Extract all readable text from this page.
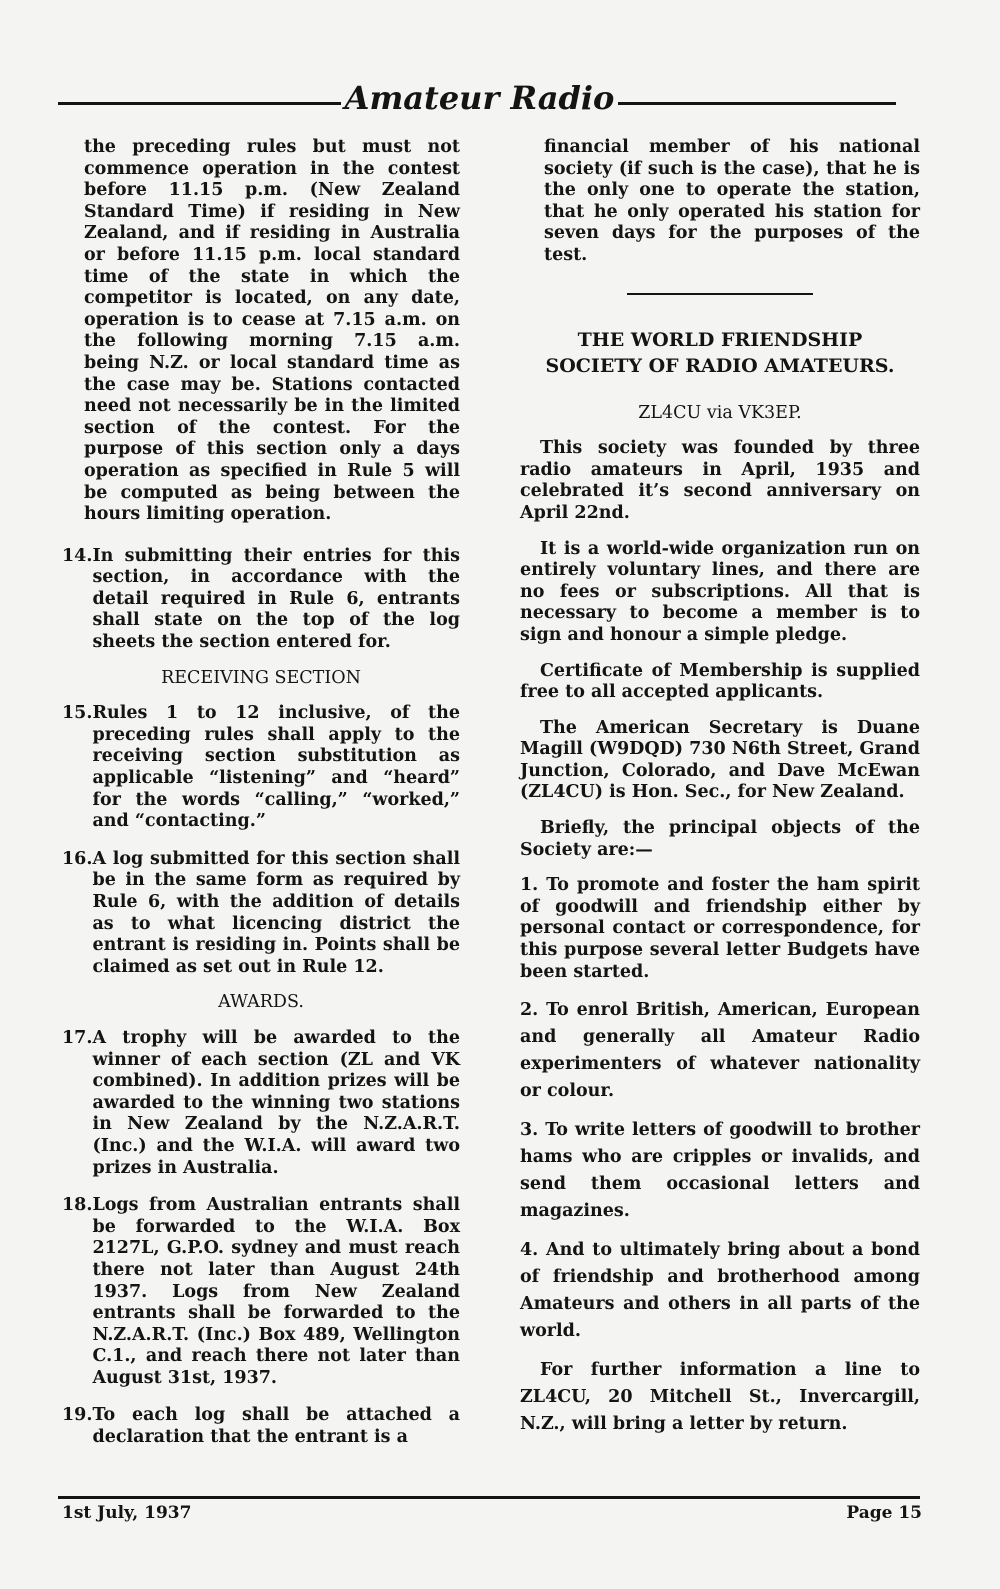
Amateur Radio

the preceding rules but must not commence operation in the contest before 11.15 p.m. (New Zealand Standard Time) if residing in New Zealand, and if residing in Australia or before 11.15 p.m. local standard time of the state in which the competitor is located, on any date, operation is to cease at 7.15 a.m. on the following morning 7.15 a.m. being N.Z. or local standard time as the case may be. Stations contacted need not necessarily be in the limited section of the contest. For the purpose of this section only a days operation as specified in Rule 5 will be computed as being between the hours limiting operation.

14. In submitting their entries for this section, in accordance with the detail required in Rule 6, entrants shall state on the top of the log sheets the section entered for.

RECEIVING SECTION

15. Rules 1 to 12 inclusive, of the preceding rules shall apply to the receiving section substitution as applicable “listening” and “heard” for the words “calling,” “worked,” and “contacting.”
16. A log submitted for this section shall be in the same form as required by Rule 6, with the addition of details as to what licencing district the entrant is residing in. Points shall be claimed as set out in Rule 12.

AWARDS.

17. A trophy will be awarded to the winner of each section (ZL and VK combined). In addition prizes will be awarded to the winning two stations in New Zealand by the N.Z.A.R.T. (Inc.) and the W.I.A. will award two prizes in Australia.
18. Logs from Australian entrants shall be forwarded to the W.I.A. Box 2127L, G.P.O. sydney and must reach there not later than August 24th 1937. Logs from New Zealand entrants shall be forwarded to the N.Z.A.R.T. (Inc.) Box 489, Wellington C.1., and reach there not later than August 31st, 1937.
19. To each log shall be attached a declaration that the entrant is a

financial member of his national society (if such is the case), that he is the only one to operate the station, that he only operated his station for seven days for the purposes of the test.

THE WORLD FRIENDSHIP

SOCIETY OF RADIO AMATEURS.

ZL4CU via VK3EP.

This society was founded by three radio amateurs in April, 1935 and celebrated it’s second anniversary on April 22nd.

It is a world-wide organization run on entirely voluntary lines, and there are no fees or subscriptions. All that is necessary to become a member is to sign and honour a simple pledge.

Certificate of Membership is supplied free to all accepted applicants.

The American Secretary is Duane Magill (W9DQD) 730 N6th Street, Grand Junction, Colorado, and Dave McEwan (ZL4CU) is Hon. Sec., for New Zealand.

Briefly, the principal objects of the Society are:—

1. To promote and foster the ham spirit of goodwill and friendship either by personal contact or correspondence, for this purpose several letter Budgets have been started.

2. To enrol British, American, European and generally all Amateur Radio experimenters of whatever nationality or colour.

3. To write letters of goodwill to brother hams who are cripples or invalids, and send them occasional letters and magazines.

4. And to ultimately bring about a bond of friendship and brotherhood among Amateurs and others in all parts of the world.

For further information a line to ZL4CU, 20 Mitchell St., Invercargill, N.Z., will bring a letter by return.

1st July, 1937	Page 15
